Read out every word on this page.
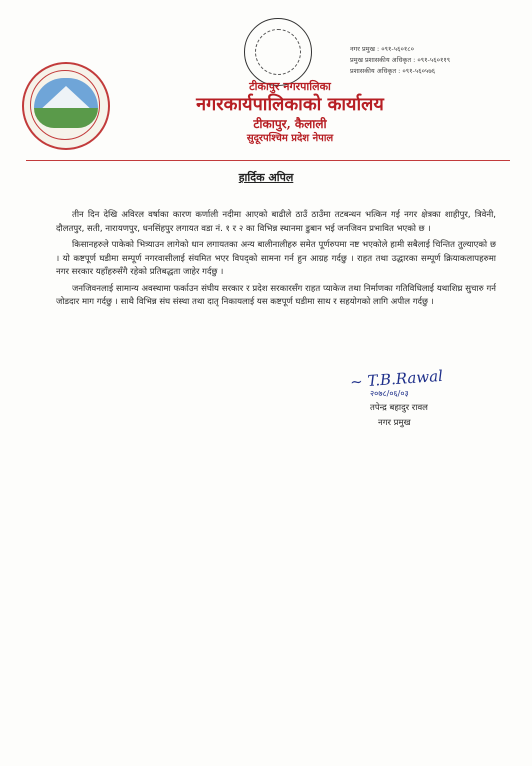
नगर प्रमुख : ०९१-५६०१८०
प्रमुख प्रशासकीय अधिकृत : ०९१-५६०११९
प्रशासकीय अधिकृत : ०९१-५६०५७६
टीकापुर नगरपालिका
नगरकार्यपालिकाको कार्यालय
टीकापुर, कैलाली
सुदूरपश्चिम प्रदेश नेपाल
हार्दिक अपिल

तीन दिन देखि अविरल वर्षाका कारण कर्णाली नदीमा आएको बाढीले ठाउँ ठाउँमा तटबन्धन भत्किन गई नगर क्षेत्रका शाहीपुर, त्रिवेनी, दौलतपुर, सती, नारायणपुर, धनसिंहपुर लगायत वडा नं. १ र २ का विभिन्न स्थानमा डुबान भई जनजिवन प्रभावित भएको छ ।

किसानहरुले पाकेको भित्र्याउन लागेको धान लगायतका अन्य बालीनालीहरु समेत पूर्णरुपमा नष्ट भएकोले हामी सबैलाई चिन्तित तुल्याएको छ । यो कष्टपूर्ण घडीमा सम्पूर्ण नगरवासीलाई संयमित भएर विपद्को सामना गर्न हुन आग्रह गर्दछु । राहत तथा उद्धारका सम्पूर्ण क्रियाकलापहरुमा नगर सरकार यहाँहरुसँगै रहेको प्रतिबद्धता जाहेर गर्दछु ।

जनजिवनलाई सामान्य अवस्थामा फर्काउन संघीय सरकार र प्रदेश सरकारसँग राहत प्याकेज तथा निर्माणका गतिविधिलाई यथाशिघ्र सुचारु गर्न जोडदार माग गर्दछु । साथै विभिन्न संघ संस्था तथा दातृ निकायलाई यस कष्टपूर्ण घडीमा साथ र सहयोगको लागि अपील गर्दछु ।

~ T.B.Rawal
२०७८/०६/०३
तपेन्द्र बहादुर रावल
नगर प्रमुख
